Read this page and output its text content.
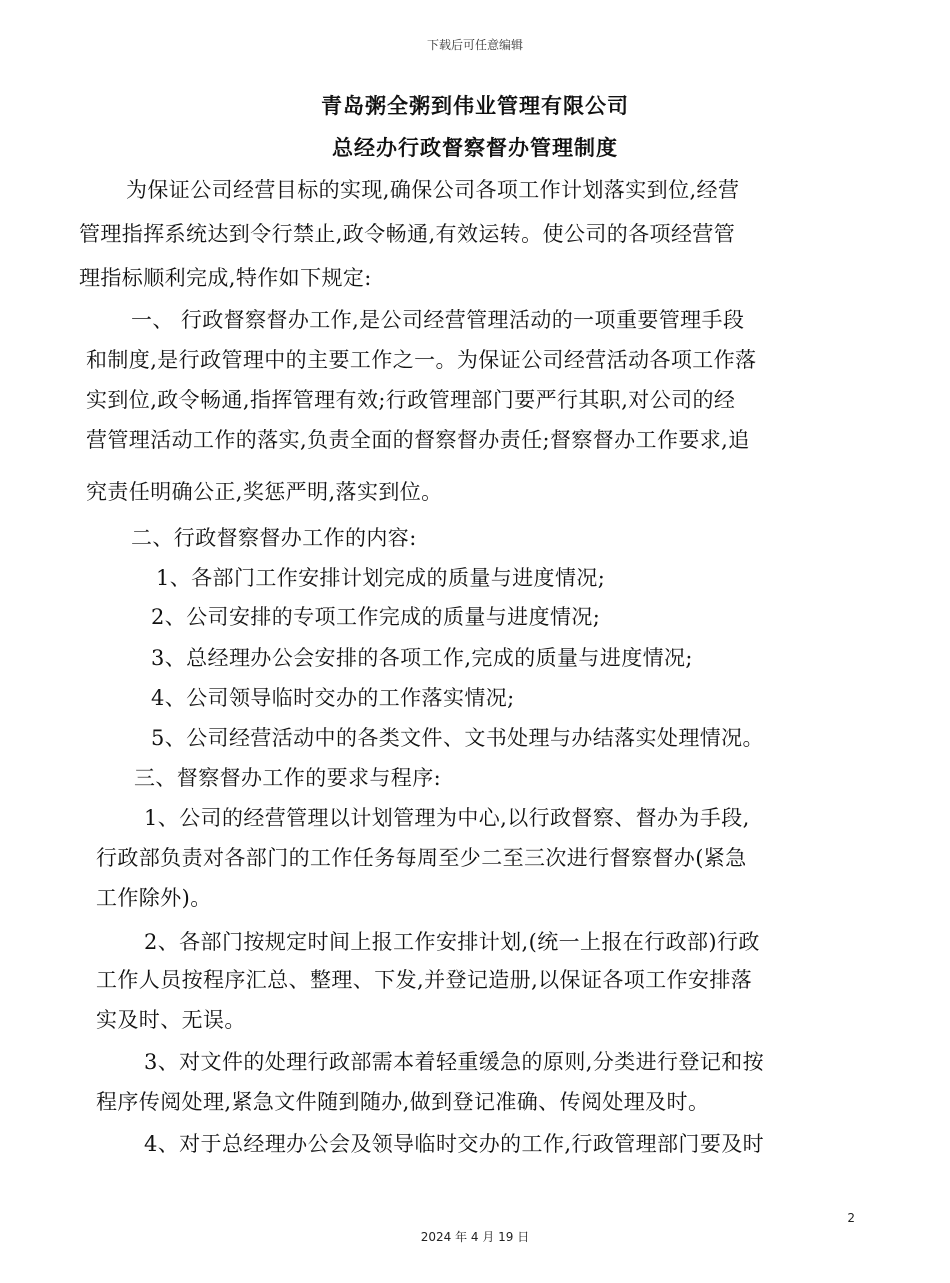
下载后可任意编辑
青岛粥全粥到伟业管理有限公司
总经办行政督察督办管理制度
为保证公司经营目标的实现,确保公司各项工作计划落实到位,经营
管理指挥系统达到令行禁止,政令畅通,有效运转。使公司的各项经营管
理指标顺利完成,特作如下规定:
一、 行政督察督办工作,是公司经营管理活动的一项重要管理手段
和制度,是行政管理中的主要工作之一。为保证公司经营活动各项工作落
实到位,政令畅通,指挥管理有效;行政管理部门要严行其职,对公司的经
营管理活动工作的落实,负责全面的督察督办责任;督察督办工作要求,追
究责任明确公正,奖惩严明,落实到位。
二、行政督察督办工作的内容:
1、各部门工作安排计划完成的质量与进度情况;
2、公司安排的专项工作完成的质量与进度情况;
3、总经理办公会安排的各项工作,完成的质量与进度情况;
4、公司领导临时交办的工作落实情况;
5、公司经营活动中的各类文件、文书处理与办结落实处理情况。
三、督察督办工作的要求与程序:
1、公司的经营管理以计划管理为中心,以行政督察、督办为手段,
行政部负责对各部门的工作任务每周至少二至三次进行督察督办(紧急
工作除外)。
2、各部门按规定时间上报工作安排计划,(统一上报在行政部)行政
工作人员按程序汇总、整理、下发,并登记造册,以保证各项工作安排落
实及时、无误。
3、对文件的处理行政部需本着轻重缓急的原则,分类进行登记和按
程序传阅处理,紧急文件随到随办,做到登记准确、传阅处理及时。
4、对于总经理办公会及领导临时交办的工作,行政管理部门要及时
2
2024 年 4 月 19 日
